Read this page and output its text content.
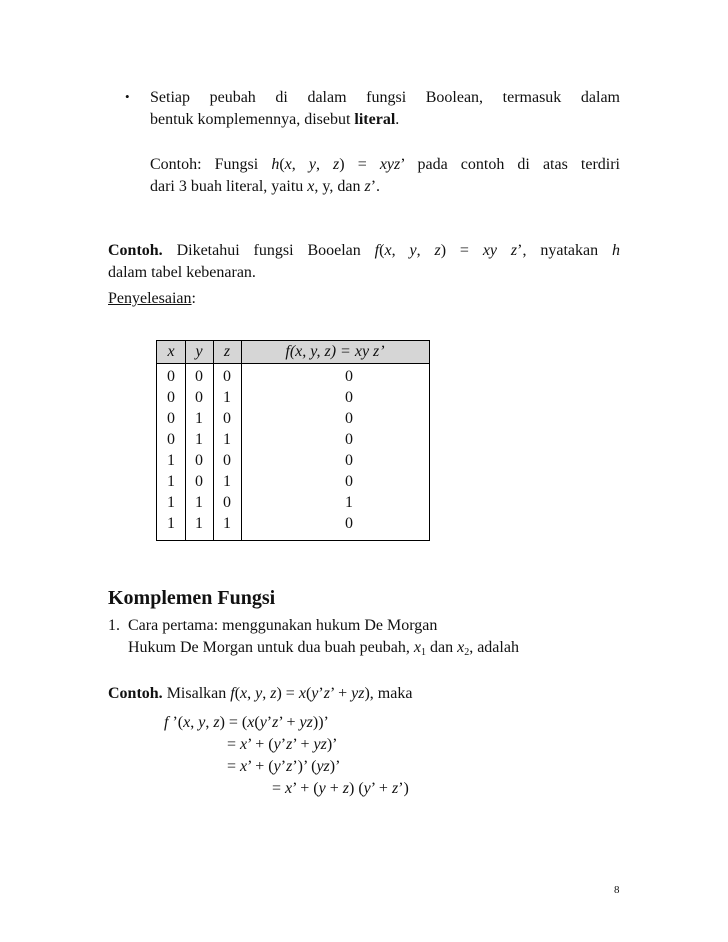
• Setiap peubah di dalam fungsi Boolean, termasuk dalam
bentuk komplemennya, disebut literal.
Contoh: Fungsi h(x, y, z) = xyz’ pada contoh di atas terdiri
dari 3 buah literal, yaitu x, y, dan z’.
Contoh. Diketahui fungsi Booelan f(x, y, z) = xy z’, nyatakan h
dalam tabel kebenaran.
Penyelesaian:
x	y	z	f(x, y, z) = xy z’
0	0	0	0
0	0	1	0
0	1	0	0
0	1	1	0
1	0	0	0
1	0	1	0
1	1	0	1
1	1	1	0
Komplemen Fungsi
1. Cara pertama: menggunakan hukum De Morgan
Hukum De Morgan untuk dua buah peubah, $x_1$ dan $x_2$, adalah
Contoh. Misalkan f(x, y, z) = x(y’z’ + yz), maka
f ’(x, y, z) = (x(y’z’ + yz))’
= x’ + (y’z’ + yz)’
= x’ + (y’z’)’ (yz)’
= x’ + (y + z) (y’ + z’)
8
